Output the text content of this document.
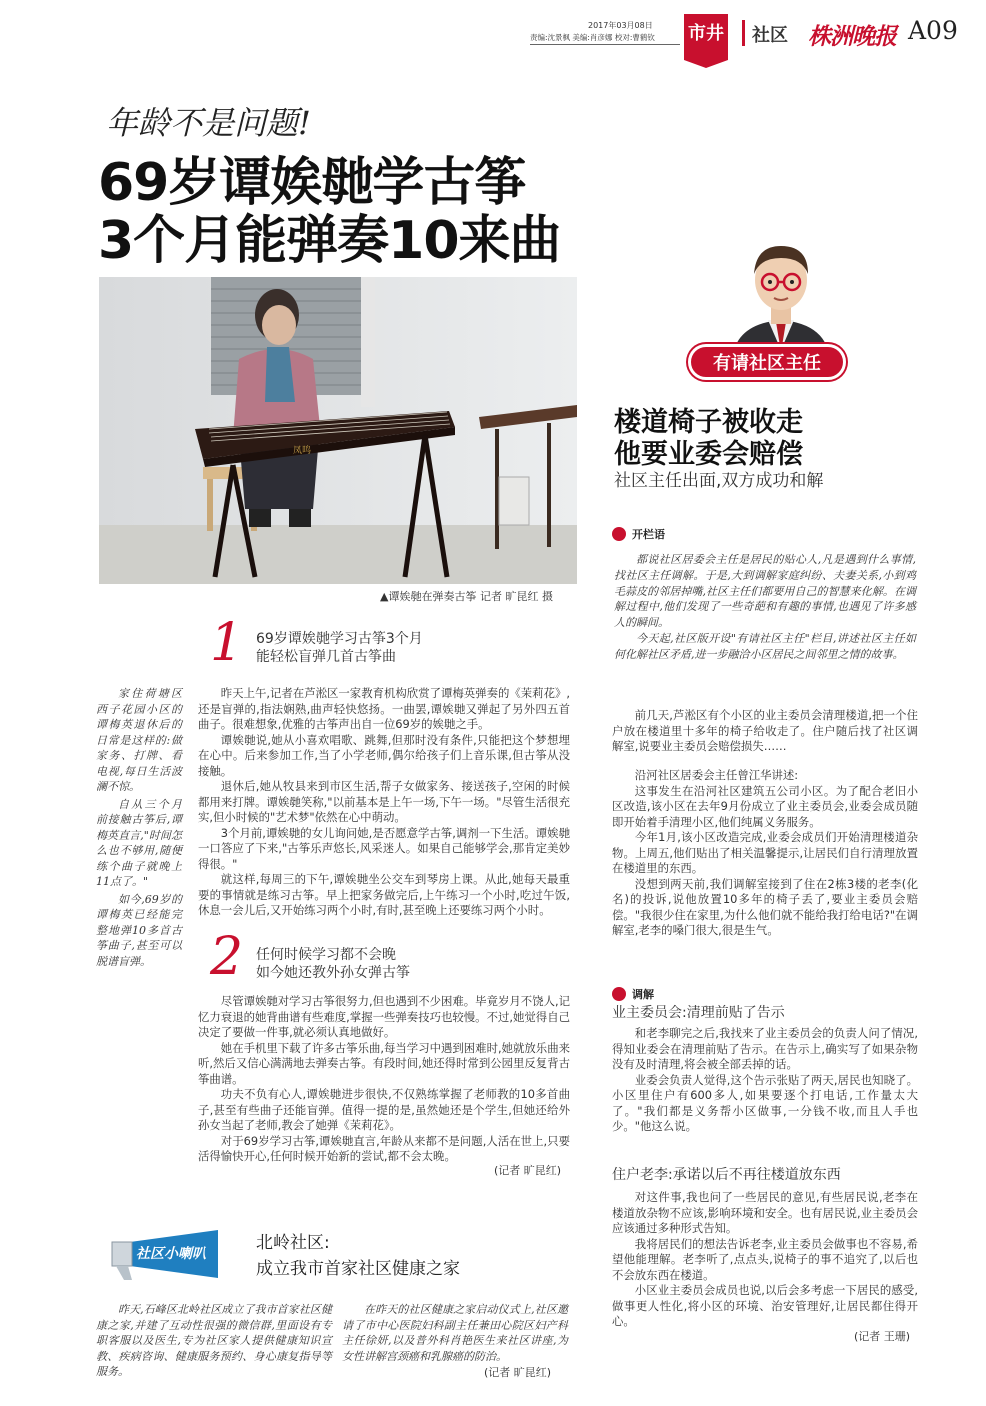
2017年03月08日
责编:沈景枫 美编:肖彦娜 校对:曹鹤钦 市井 社区 株洲晚报 A09
年龄不是问题!
69岁谭娭毑学古筝
3个月能弹奏10来曲
凤鸣
▲谭娭毑在弹奏古筝 记者 旷昆红 摄

家住荷塘区西子花园小区的谭梅英退休后的日常是这样的:做家务、打牌、看电视,每日生活波澜不惊。

自从三个月前接触古筝后,谭梅英直言,"时间怎么也不够用,随便练个曲子就晚上11点了。"

如今,69岁的谭梅英已经能完整地弹10多首古筝曲子,甚至可以脱谱盲弹。

1 69岁谭娭毑学习古筝3个月
能轻松盲弹几首古筝曲

昨天上午,记者在芦淞区一家教育机构欣赏了谭梅英弹奏的《茉莉花》,还是盲弹的,指法娴熟,曲声轻快悠扬。一曲罢,谭娭毑又弹起了另外四五首曲子。很难想象,优雅的古筝声出自一位69岁的娭毑之手。

谭娭毑说,她从小喜欢唱歌、跳舞,但那时没有条件,只能把这个梦想埋在心中。后来参加工作,当了小学老师,偶尔给孩子们上音乐课,但古筝从没接触。

退休后,她从牧县来到市区生活,帮子女做家务、接送孩子,空闲的时候都用来打牌。谭娭毑笑称,"以前基本是上午一场,下午一场。"尽管生活很充实,但小时候的"艺术梦"依然在心中萌动。

3个月前,谭娭毑的女儿询问她,是否愿意学古筝,调剂一下生活。谭娭毑一口答应了下来,"古筝乐声悠长,风采迷人。如果自己能够学会,那肯定美妙得很。"

就这样,每周三的下午,谭娭毑坐公交车到琴房上课。从此,她每天最重要的事情就是练习古筝。早上把家务做完后,上午练习一个小时,吃过午饭,休息一会儿后,又开始练习两个小时,有时,甚至晚上还要练习两个小时。

2 任何时候学习都不会晚
如今她还教外孙女弹古筝

尽管谭娭毑对学习古筝很努力,但也遇到不少困难。毕竟岁月不饶人,记忆力衰退的她背曲谱有些难度,掌握一些弹奏技巧也较慢。不过,她觉得自己决定了要做一件事,就必须认真地做好。

她在手机里下载了许多古筝乐曲,每当学习中遇到困难时,她就放乐曲来听,然后又信心满满地去弹奏古筝。有段时间,她还得时常到公园里反复背古筝曲谱。

功夫不负有心人,谭娭毑进步很快,不仅熟练掌握了老师教的10多首曲子,甚至有些曲子还能盲弹。值得一提的是,虽然她还是个学生,但她还给外孙女当起了老师,教会了她弹《茉莉花》。

对于69岁学习古筝,谭娭毑直言,年龄从来都不是问题,人活在世上,只要活得愉快开心,任何时候开始新的尝试,都不会太晚。

(记者 旷昆红)
有请社区主任
楼道椅子被收走
他要业委会赔偿
社区主任出面,双方成功和解
开栏语

都说社区居委会主任是居民的贴心人,凡是遇到什么事情,找社区主任调解。于是,大到调解家庭纠纷、夫妻关系,小到鸡毛蒜皮的邻居掉嘴,社区主任们都要用自己的智慧来化解。在调解过程中,他们发现了一些奇葩和有趣的事情,也遇见了许多感人的瞬间。

今天起,社区版开设"有请社区主任"栏目,讲述社区主任如何化解社区矛盾,进一步融洽小区居民之间邻里之情的故事。

前几天,芦淞区有个小区的业主委员会清理楼道,把一个住户放在楼道里十多年的椅子给收走了。住户随后找了社区调解室,说要业主委员会赔偿损失……

沿河社区居委会主任曾江华讲述:

这事发生在沿河社区建筑五公司小区。为了配合老旧小区改造,该小区在去年9月份成立了业主委员会,业委会成员随即开始着手清理小区,他们纯属义务服务。

今年1月,该小区改造完成,业委会成员们开始清理楼道杂物。上周五,他们贴出了相关温馨提示,让居民们自行清理放置在楼道里的东西。

没想到两天前,我们调解室接到了住在2栋3楼的老李(化名)的投诉,说他放置10多年的椅子丢了,要业主委员会赔偿。"我很少住在家里,为什么他们就不能给我打给电话?"在调解室,老李的嗓门很大,很是生气。

调解
业主委员会:清理前贴了告示

和老李聊完之后,我找来了业主委员会的负责人问了情况,得知业委会在清理前贴了告示。在告示上,确实写了如果杂物没有及时清理,将会被全部丢掉的话。

业委会负责人觉得,这个告示张贴了两天,居民也知晓了。小区里住户有600多人,如果要逐个打电话,工作量太大了。"我们都是义务帮小区做事,一分钱不收,而且人手也少。"他这么说。

住户老李:承诺以后不再往楼道放东西

对这件事,我也问了一些居民的意见,有些居民说,老李在楼道放杂物不应该,影响环境和安全。也有居民说,业主委员会应该通过多种形式告知。

我将居民们的想法告诉老李,业主委员会做事也不容易,希望他能理解。老李听了,点点头,说椅子的事不追究了,以后也不会放东西在楼道。

小区业主委员会成员也说,以后会多考虑一下居民的感受,做事更人性化,将小区的环境、治安管理好,让居民都住得开心。

(记者 王珊)
社区小喇叭
北岭社区:
成立我市首家社区健康之家

昨天,石峰区北岭社区成立了我市首家社区健康之家,并建了互动性很强的微信群,里面设有专职客服以及医生,专为社区家人提供健康知识宣教、疾病咨询、健康服务预约、身心康复指导等服务。

在昨天的社区健康之家启动仪式上,社区邀请了市中心医院妇科副主任兼田心院区妇产科主任徐妍,以及普外科肖艳医生来社区讲座,为女性讲解宫颈癌和乳腺癌的防治。

(记者 旷昆红)
